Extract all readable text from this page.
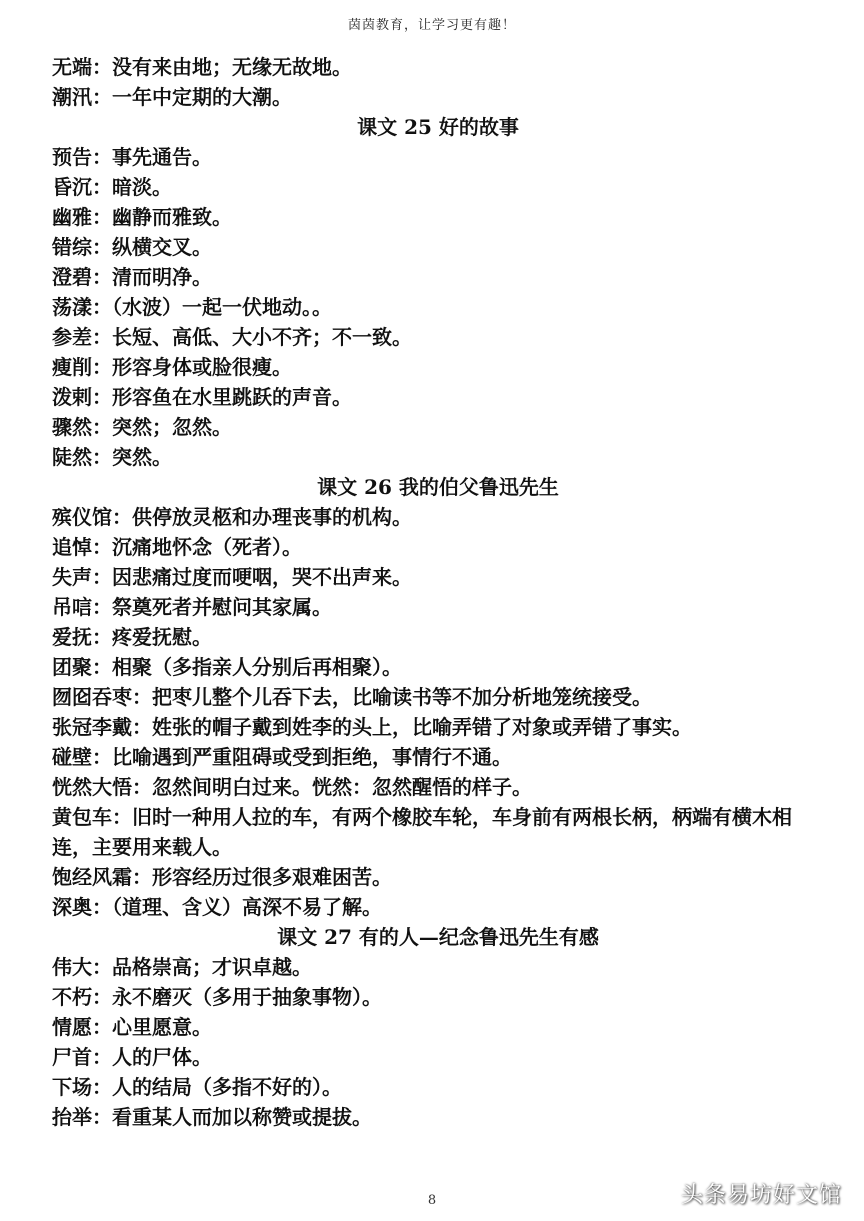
茵茵教育，让学习更有趣！
无端：没有来由地；无缘无故地。
潮汛：一年中定期的大潮。
课文 25 好的故事
预告：事先通告。
昏沉：暗淡。
幽雅：幽静而雅致。
错综：纵横交叉。
澄碧：清而明净。
荡漾：（水波）一起一伏地动。。
参差：长短、高低、大小不齐；不一致。
瘦削：形容身体或脸很瘦。
泼剌：形容鱼在水里跳跃的声音。
骤然：突然；忽然。
陡然：突然。
课文 26 我的伯父鲁迅先生
殡仪馆：供停放灵柩和办理丧事的机构。
追悼：沉痛地怀念（死者）。
失声：因悲痛过度而哽咽，哭不出声来。
吊唁：祭奠死者并慰问其家属。
爱抚：疼爱抚慰。
团聚：相聚（多指亲人分别后再相聚）。
囫囵吞枣：把枣儿整个儿吞下去，比喻读书等不加分析地笼统接受。
张冠李戴：姓张的帽子戴到姓李的头上，比喻弄错了对象或弄错了事实。
碰壁：比喻遇到严重阻碍或受到拒绝，事情行不通。
恍然大悟：忽然间明白过来。恍然：忽然醒悟的样子。
黄包车：旧时一种用人拉的车，有两个橡胶车轮，车身前有两根长柄，柄端有横木相连，主要用来载人。
饱经风霜：形容经历过很多艰难困苦。
深奥：（道理、含义）高深不易了解。
课文 27 有的人—纪念鲁迅先生有感
伟大：品格崇高；才识卓越。
不朽：永不磨灭（多用于抽象事物）。
情愿：心里愿意。
尸首：人的尸体。
下场：人的结局（多指不好的）。
抬举：看重某人而加以称赞或提拔。
8	头条易坊好文馆
